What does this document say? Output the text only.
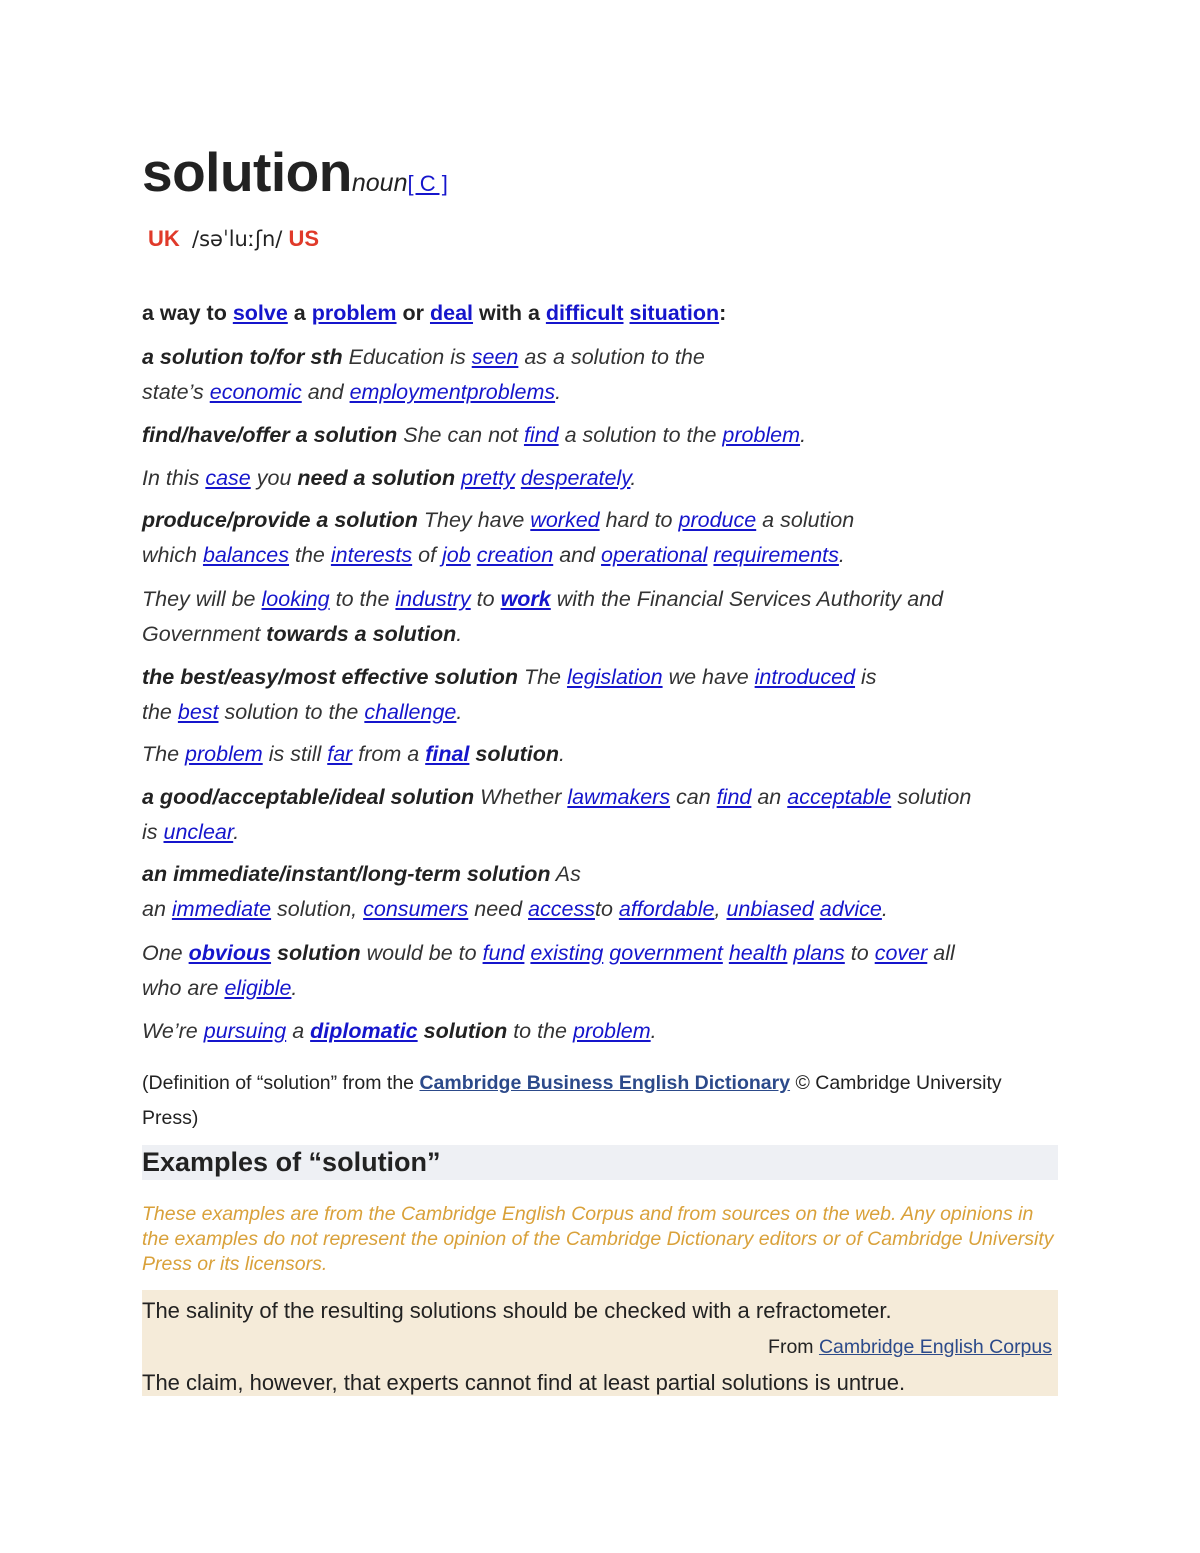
solutionnoun[ C ]
UK /səˈluːʃn/ US
a way to solve a problem or deal with a difficult situation:
a solution to/for sth Education is seen as a solution to the
state’s economic and employmentproblems.
find/have/offer a solution She can not find a solution to the problem.
In this case you need a solution pretty desperately.
produce/provide a solution They have worked hard to produce a solution
which balances the interests of job creation and operational requirements.
They will be looking to the industry to work with the Financial Services Authority and
Government towards a solution.
the best/easy/most effective solution The legislation we have introduced is
the best solution to the challenge.
The problem is still far from a final solution.
a good/acceptable/ideal solution Whether lawmakers can find an acceptable solution
is unclear.
an immediate/instant/long-term solution As
an immediate solution, consumers need accessto affordable, unbiased advice.
One obvious solution would be to fund existing government health plans to cover all
who are eligible.
We’re pursuing a diplomatic solution to the problem.
(Definition of “solution” from the Cambridge Business English Dictionary © Cambridge University
Press)
Examples of “solution”
These examples are from the Cambridge English Corpus and from sources on the web. Any opinions in the examples do not represent the opinion of the Cambridge Dictionary editors or of Cambridge University Press or its licensors.
The salinity of the resulting solutions should be checked with a refractometer.
From Cambridge English Corpus
The claim, however, that experts cannot find at least partial solutions is untrue.
